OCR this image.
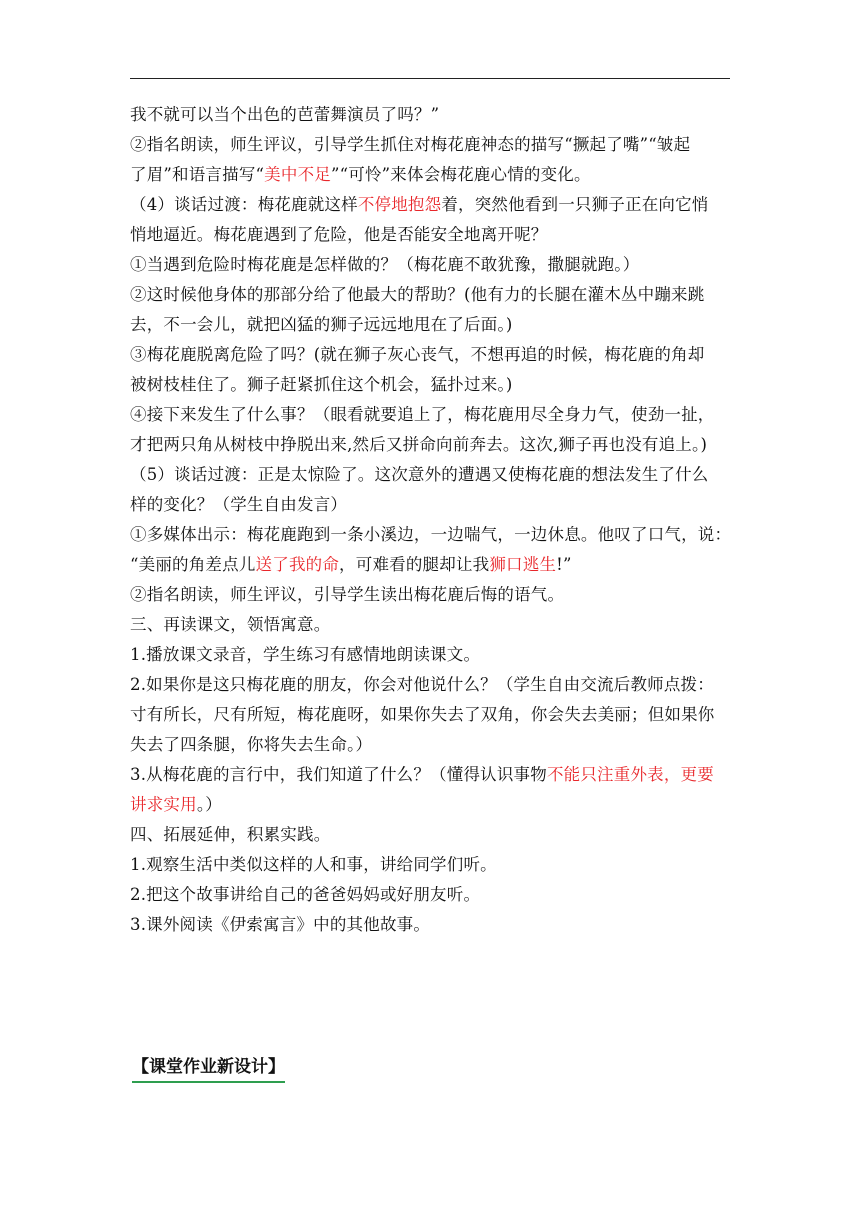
我不就可以当个出色的芭蕾舞演员了吗？”
②指名朗读，师生评议，引导学生抓住对梅花鹿神态的描写“撅起了嘴”“皱起
了眉”和语言描写“美中不足”“可怜”来体会梅花鹿心情的变化。
（4）谈话过渡：梅花鹿就这样不停地抱怨着，突然他看到一只狮子正在向它悄
悄地逼近。梅花鹿遇到了危险，他是否能安全地离开呢？
①当遇到危险时梅花鹿是怎样做的？（梅花鹿不敢犹豫，撒腿就跑。）
②这时候他身体的那部分给了他最大的帮助？(他有力的长腿在灌木丛中蹦来跳
去，不一会儿，就把凶猛的狮子远远地甩在了后面。)
③梅花鹿脱离危险了吗？(就在狮子灰心丧气，不想再追的时候，梅花鹿的角却
被树枝桂住了。狮子赶紧抓住这个机会，猛扑过来。)
④接下来发生了什么事？（眼看就要追上了，梅花鹿用尽全身力气，使劲一扯，
才把两只角从树枝中挣脱出来,然后又拼命向前奔去。这次,狮子再也没有追上。)
（5）谈话过渡：正是太惊险了。这次意外的遭遇又使梅花鹿的想法发生了什么
样的变化？（学生自由发言）
①多媒体出示：梅花鹿跑到一条小溪边，一边喘气，一边休息。他叹了口气，说：
“美丽的角差点儿送了我的命，可难看的腿却让我狮口逃生!”
②指名朗读，师生评议，引导学生读出梅花鹿后悔的语气。
三、再读课文，领悟寓意。
1.播放课文录音，学生练习有感情地朗读课文。
2.如果你是这只梅花鹿的朋友，你会对他说什么？（学生自由交流后教师点拨：
寸有所长，尺有所短，梅花鹿呀，如果你失去了双角，你会失去美丽；但如果你
失去了四条腿，你将失去生命。）
3.从梅花鹿的言行中，我们知道了什么？（懂得认识事物不能只注重外表，更要
讲求实用。）
四、拓展延伸，积累实践。
1.观察生活中类似这样的人和事，讲给同学们听。
2.把这个故事讲给自己的爸爸妈妈或好朋友听。
3.课外阅读《伊索寓言》中的其他故事。
【课堂作业新设计】
